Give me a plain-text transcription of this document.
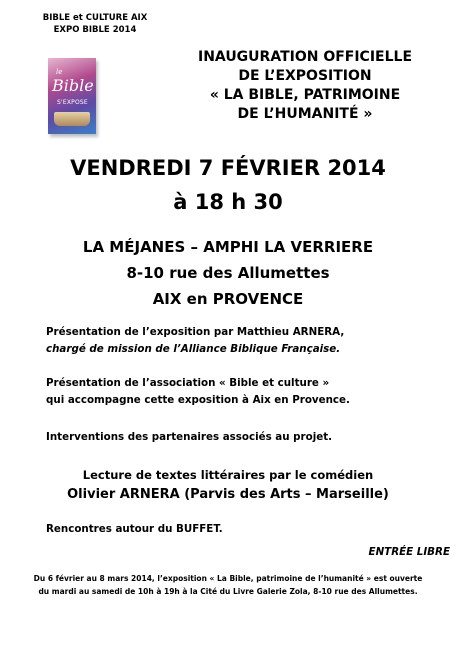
BIBLE et CULTURE AIX
EXPO BIBLE 2014
le
Bible
S'EXPOSE
INAUGURATION OFFICIELLE
DE L’EXPOSITION
« LA BIBLE, PATRIMOINE
DE L’HUMANITÉ »
VENDREDI 7 FÉVRIER 2014
à 18 h 30
LA MÉJANES – AMPHI LA VERRIERE
8-10 rue des Allumettes
AIX en PROVENCE
Présentation de l’exposition par Matthieu ARNERA,
chargé de mission de l’Alliance Biblique Française.
Présentation de l’association « Bible et culture »
qui accompagne cette exposition à Aix en Provence.
Interventions des partenaires associés au projet.
Lecture de textes littéraires par le comédien
Olivier ARNERA (Parvis des Arts – Marseille)
Rencontres autour du BUFFET.
ENTRÉE LIBRE
Du 6 février au 8 mars 2014, l’exposition « La Bible, patrimoine de l’humanité » est ouverte
du mardi au samedi de 10h à 19h à la Cité du Livre Galerie Zola, 8-10 rue des Allumettes.
